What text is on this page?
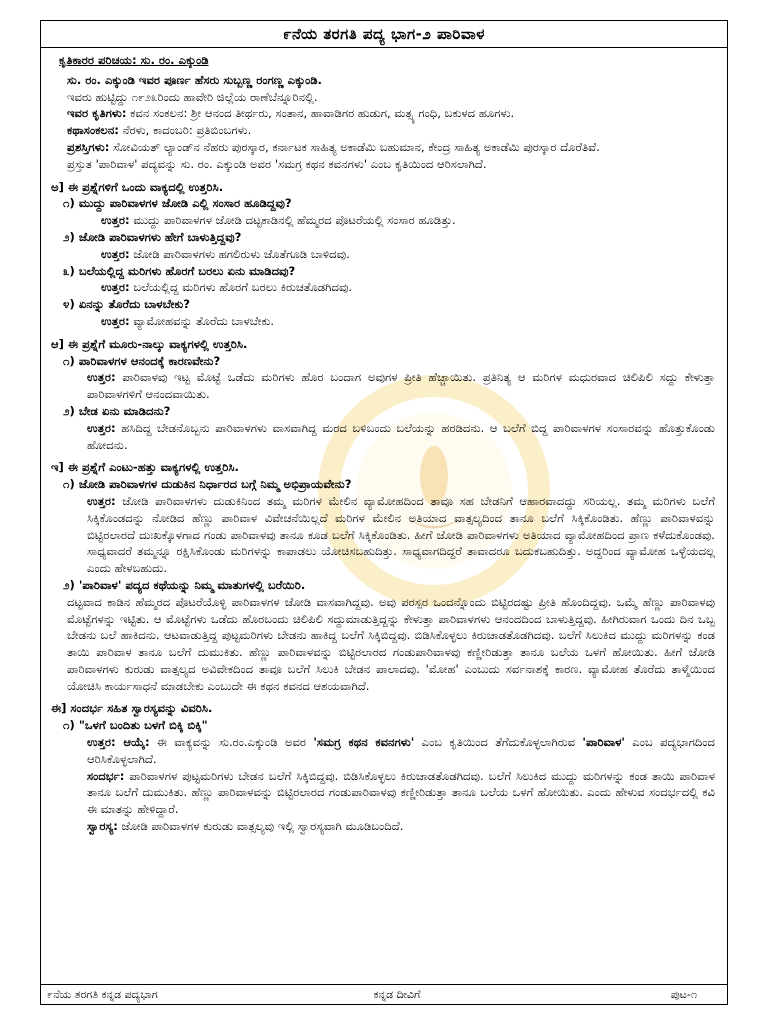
೯ನೆಯ ತರಗತಿ ಪದ್ಯ ಭಾಗ-೨ ಪಾರಿವಾಳ
ಕೃತಿಕಾರರ ಪರಿಚಯ: ಸು. ರಂ. ಎಕ್ಕುಂಡಿ
ಸು. ರಂ. ಎಕ್ಕುಂಡಿ ಇವರ ಪೂರ್ಣ ಹೆಸರು ಸುಬ್ಬಣ್ಣ ರಂಗಣ್ಣ ಎಕ್ಕುಂಡಿ.
ಇವರು ಹುಟ್ಟಿದ್ದು ೧೯೨೩ರಿಂದು ಹಾವೇರಿ ಜಿಲ್ಲೆಯ ರಾಣೆಬೆನ್ನೂರಿನಲ್ಲಿ.
ಇವರ ಕೃತಿಗಳು: ಕವನ ಸಂಕಲನ: ಶ್ರೀ ಆನಂದ ತೀರ್ಥರು, ಸಂತಾನ, ಹಾವಾಡಿಗರ ಹುಡುಗ, ಮತ್ಸ್ಯ ಗಂಧಿ, ಬಕುಳದ ಹೂಗಳು.
ಕಥಾಸಂಕಲನ: ನೆರಳು, ಕಾದಂಬರಿ: ಪ್ರತಿಬಿಂಬಗಳು.
ಪ್ರಶಸ್ತಿಗಳು: ಸೋವಿಯತ್ ಲ್ಯಾಂಡ್‌ನ ನೆಹರು ಪುರಸ್ಕಾರ, ಕರ್ನಾಟಕ ಸಾಹಿತ್ಯ ಅಕಾಡೆಮಿ ಬಹುಮಾನ, ಕೇಂದ್ರ ಸಾಹಿತ್ಯ ಅಕಾಡೆಮಿ ಪುರಸ್ಕಾರ ದೊರೆತಿವೆ.
ಪ್ರಸ್ತುತ 'ಪಾರಿವಾಳ' ಪದ್ಯವನ್ನು ಸು. ರಂ. ಎಕ್ಕುಂಡಿ ಅವರ 'ಸಮಗ್ರ ಕಥನ ಕವನಗಳು' ಎಂಬ ಕೃತಿಯಿಂದ ಆರಿಸಲಾಗಿದೆ.
ಅ] ಈ ಪ್ರಶ್ನೆಗಳಿಗೆ ಒಂದು ವಾಕ್ಯದಲ್ಲಿ ಉತ್ತರಿಸಿ.
೧) ಮುದ್ದು ಪಾರಿವಾಳಗಳ ಜೋಡಿ ಎಲ್ಲಿ ಸಂಸಾರ ಹೂಡಿದ್ದವು?
ಉತ್ತರ: ಮುದ್ದು ಪಾರಿವಾಳಗಳ ಜೋಡಿ ದಟ್ಟಕಾಡಿನಲ್ಲಿ ಹೆಮ್ಮರದ ಪೊಟರೆಯಲ್ಲಿ ಸಂಸಾರ ಹೂಡಿತ್ತು.
೨) ಜೋಡಿ ಪಾರಿವಾಳಗಳು ಹೇಗೆ ಬಾಳುತ್ತಿದ್ದವು?
ಉತ್ತರ: ಜೋಡಿ ಪಾರಿವಾಳಗಳು ಹಗಲಿರುಳು ಜೊತೆಗೂಡಿ ಬಾಳಿದವು.
೩) ಬಲೆಯಲ್ಲಿದ್ದ ಮರಿಗಳು ಹೊರಗೆ ಬರಲು ಏನು ಮಾಡಿದವು?
ಉತ್ತರ: ಬಲೆಯಲ್ಲಿದ್ದ ಮರಿಗಳು ಹೊರಗೆ ಬರಲು ಕಿರುಚತೊಡಗಿದವು.
೪) ಏನನ್ನು ತೊರೆದು ಬಾಳಬೇಕು?
ಉತ್ತರ: ವ್ಯಾಮೋಹವನ್ನು ತೊರೆದು ಬಾಳಬೇಕು.
ಆ] ಈ ಪ್ರಶ್ನೆಗೆ ಮೂರು-ನಾಲ್ಕು ವಾಕ್ಯಗಳಲ್ಲಿ ಉತ್ತರಿಸಿ.
೧) ಪಾರಿವಾಳಗಳ ಆನಂದಕ್ಕೆ ಕಾರಣವೇನು?
ಉತ್ತರ: ಪಾರಿವಾಳವು ಇಟ್ಟ ಮೊಟ್ಟೆ ಒಡೆದು ಮರಿಗಳು ಹೊರ ಬಂದಾಗ ಅವುಗಳ ಪ್ರೀತಿ ಹೆಚ್ಚಾಯಿತು. ಪ್ರತಿನಿತ್ಯ ಆ ಮರಿಗಳ ಮಧುರವಾದ ಚಿಲಿಪಿಲಿ ಸದ್ದು ಕೇಳುತ್ತಾ ಪಾರಿವಾಳಗಳಿಗೆ ಆನಂದವಾಯಿತು.
೨) ಬೇಡ ಏನು ಮಾಡಿದನು?
ಉತ್ತರ: ಹಸಿದಿದ್ದ ಬೇಡನೊಬ್ಬನು ಪಾರಿವಾಳಗಳು ವಾಸವಾಗಿದ್ದ ಮರದ ಬಳಿಬಂದು ಬಲೆಯನ್ನು ಹರಡಿದನು. ಆ ಬಲೆಗೆ ಬಿದ್ದ ಪಾರಿವಾಳಗಳ ಸಂಸಾರವನ್ನು ಹೊತ್ತುಕೊಂಡು ಹೋದನು.
ಇ] ಈ ಪ್ರಶ್ನೆಗೆ ಎಂಟು-ಹತ್ತು ವಾಕ್ಯಗಳಲ್ಲಿ ಉತ್ತರಿಸಿ.
೧) ಜೋಡಿ ಪಾರಿವಾಳಗಳ ದುಡುಕಿನ ನಿರ್ಧಾರದ ಬಗ್ಗೆ ನಿಮ್ಮ ಅಭಿಪ್ರಾಯವೇನು?
ಉತ್ತರ: ಜೋಡಿ ಪಾರಿವಾಳಗಳು ದುಡುಕಿನಿಂದ ತಮ್ಮ ಮರಿಗಳ ಮೇಲಿನ ವ್ಯಾಮೋಹದಿಂದ ತಾವೂ ಸಹ ಬೇಡನಿಗೆ ಆಹಾರವಾದದ್ದು ಸರಿಯಲ್ಲ. ತಮ್ಮ ಮರಿಗಳು ಬಲೆಗೆ ಸಿಕ್ಕಿಕೊಂಡದನ್ನು ನೋಡಿದ ಹೆಣ್ಣು ಪಾರಿವಾಳ ವಿವೇಚನೆಯಿಲ್ಲದೆ ಮರಿಗಳ ಮೇಲಿನ ಅತಿಯಾದ ವಾತ್ಸಲ್ಯದಿಂದ ತಾನೂ ಬಲೆಗೆ ಸಿಕ್ಕಿಕೊಂಡಿತು. ಹೆಣ್ಣು ಪಾರಿವಾಳವನ್ನು ಬಿಟ್ಟಿರಲಾರದೆ ದುಃಖಕ್ಕೊಳಗಾದ ಗಂಡು ಪಾರಿವಾಳವು ತಾನೂ ಕೂಡ ಬಲೆಗೆ ಸಿಕ್ಕಿಕೊಂಡಿತು. ಹೀಗೆ ಜೋಡಿ ಪಾರಿವಾಳಗಳು ಅತಿಯಾದ ವ್ಯಾಮೋಹದಿಂದ ಪ್ರಾಣ ಕಳೆದುಕೊಂಡವು. ಸಾಧ್ಯವಾದರೆ ತಮ್ಮನ್ನೂ ರಕ್ಷಿಸಿಕೊಂಡು ಮರಿಗಳನ್ನು ಕಾಪಾಡಲು ಯೋಚಿಸಬಹುದಿತ್ತು. ಸಾಧ್ಯವಾಗದಿದ್ದರೆ ತಾವಾದರೂ ಬದುಕಬಹುದಿತ್ತು. ಅದ್ದರಿಂದ ವ್ಯಾಮೋಹ ಒಳ್ಳೆಯದಲ್ಲ ಎಂದು ಹೇಳಬಹುದು.
೨) 'ಪಾರಿವಾಳ' ಪದ್ಯದ ಕಥೆಯನ್ನು ನಿಮ್ಮ ಮಾತುಗಳಲ್ಲಿ ಬರೆಯಿರಿ.
ದಟ್ಟವಾದ ಕಾಡಿನ ಹೆಮ್ಮರದ ಪೊಟರೆಯೊಳ್ಳಿ ಪಾರಿವಾಳಗಳ ಜೋಡಿ ವಾಸವಾಗಿದ್ದವು. ಅವು ಪರಸ್ಪರ ಒಂದನ್ನೊಂದು ಬಿಟ್ಟಿರದಷ್ಟು ಪ್ರೀತಿ ಹೊಂದಿದ್ದವು. ಒಮ್ಮೆ ಹೆಣ್ಣು ಪಾರಿವಾಳವು ಮೊಟ್ಟೆಗಳನ್ನು ಇಟ್ಟಿತು. ಆ ಮೊಟ್ಟೆಗಳು ಒಡೆದು ಹೊರಬಂದು ಚಿಲಿಪಿಲಿ ಸದ್ದುಮಾಡುತ್ತಿದ್ದನ್ನು ಕೇಳುತ್ತಾ ಪಾರಿವಾಳಗಳು ಆನಂದದಿಂದ ಬಾಳುತ್ತಿದ್ದವು. ಹೀಗಿರುವಾಗ ಒಂದು ದಿನ ಒಬ್ಬ ಬೇಡನು ಬಲೆ ಹಾಕಿದನು. ಆಟವಾಡುತ್ತಿದ್ದ ಪುಟ್ಟಮರಿಗಳು ಬೇಡನು ಹಾಕಿದ್ದ ಬಲೆಗೆ ಸಿಕ್ಕಿಬಿದ್ದವು. ಬಿಡಿಸಿಕೊಳ್ಳಲು ಕಿರುಚಾಡತೊಡಗಿದವು. ಬಲೆಗೆ ಸಿಲುಕಿದ ಮುದ್ದು ಮರಿಗಳನ್ನು ಕಂಡ ತಾಯಿ ಪಾರಿವಾಳ ತಾನೂ ಬಲೆಗೆ ದುಮುಕಿತು. ಹೆಣ್ಣು ಪಾರಿವಾಳವನ್ನು ಬಿಟ್ಟಿರಲಾರದ ಗಂಡುಪಾರಿವಾಳವು ಕಣ್ಣೀರಿಡುತ್ತಾ ತಾನೂ ಬಲೆಯ ಒಳಗೆ ಹೋಯಿತು. ಹೀಗೆ ಜೋಡಿ ಪಾರಿವಾಳಗಳು ಕುರುಡು ವಾತ್ಸಲ್ಯದ ಅವಿವೇಕದಿಂದ ತಾವೂ ಬಲೆಗೆ ಸಿಲುಕಿ ಬೇಡನ ಪಾಲಾದವು. 'ಮೋಹ' ಎಂಬುದು ಸರ್ವನಾಶಕ್ಕೆ ಕಾರಣ. ವ್ಯಾಮೋಹ ತೊರೆದು ತಾಳ್ಮೆಯಿಂದ ಯೋಚಿಸಿ ಕಾರ್ಯಸಾಧನೆ ಮಾಡಬೇಕು ಎಂಬುದೇ ಈ ಕಥನ ಕವನದ ಆಶಯವಾಗಿದೆ.
ಈ] ಸಂದರ್ಭ ಸಹಿತ ಸ್ವಾರಸ್ಯವನ್ನು ವಿವರಿಸಿ.
೧) "ಒಳಗೆ ಬಂದಿತು ಬಳಗೆ ಬಿಕ್ಕಿ ಬಿಕ್ಕಿ"
ಉತ್ತರ: ಆಯ್ಕೆ: ಈ ವಾಕ್ಯವನ್ನು ಸು.ರಂ.ಎಕ್ಕುಂಡಿ ಅವರ 'ಸಮಗ್ರ ಕಥನ ಕವನಗಳು' ಎಂಬ ಕೃತಿಯಿಂದ ತೆಗೆದುಕೊಳ್ಳಲಾಗಿರುವ 'ಪಾರಿವಾಳ' ಎಂಬ ಪದ್ಯಭಾಗದಿಂದ ಆರಿಸಿಕೊಳ್ಳಲಾಗಿದೆ.
ಸಂದರ್ಭ: ಪಾರಿವಾಳಗಳ ಪುಟ್ಟಮರಿಗಳು ಬೇಡನ ಬಲೆಗೆ ಸಿಕ್ಕಿಬಿದ್ದವು. ಬಿಡಿಸಿಕೊಳ್ಳಲು ಕಿರುಚಾಡತೊಡಗಿದವು. ಬಲೆಗೆ ಸಿಲುಕಿದ ಮುದ್ದು ಮರಿಗಳನ್ನು ಕಂಡ ತಾಯಿ ಪಾರಿವಾಳ ತಾನೂ ಬಲೆಗೆ ದುಮುಕಿತು. ಹೆಣ್ಣು ಪಾರಿವಾಳವನ್ನು ಬಿಟ್ಟಿರಲಾರದ ಗಂಡುಪಾರಿವಾಳವು ಕಣ್ಣೀರಿಡುತ್ತಾ ತಾನೂ ಬಲೆಯ ಒಳಗೆ ಹೋಯಿತು. ಎಂದು ಹೇಳುವ ಸಂದರ್ಭದಲ್ಲಿ ಕವಿ ಈ ಮಾತನ್ನು ಹೇಳಿದ್ದಾರೆ.
ಸ್ವಾರಸ್ಯ: ಜೋಡಿ ಪಾರಿವಾಳಗಳ ಕುರುಡು ವಾತ್ಸಲ್ಯವು ಇಲ್ಲಿ ಸ್ವಾರಸ್ಯವಾಗಿ ಮೂಡಿಬಂದಿದೆ.
೯ನೆಯ ತರಗತಿ ಕನ್ನಡ ಪದ್ಯಭಾಗ	ಕನ್ನಡ ದೀವಿಗೆ	ಪುಟ-೧
